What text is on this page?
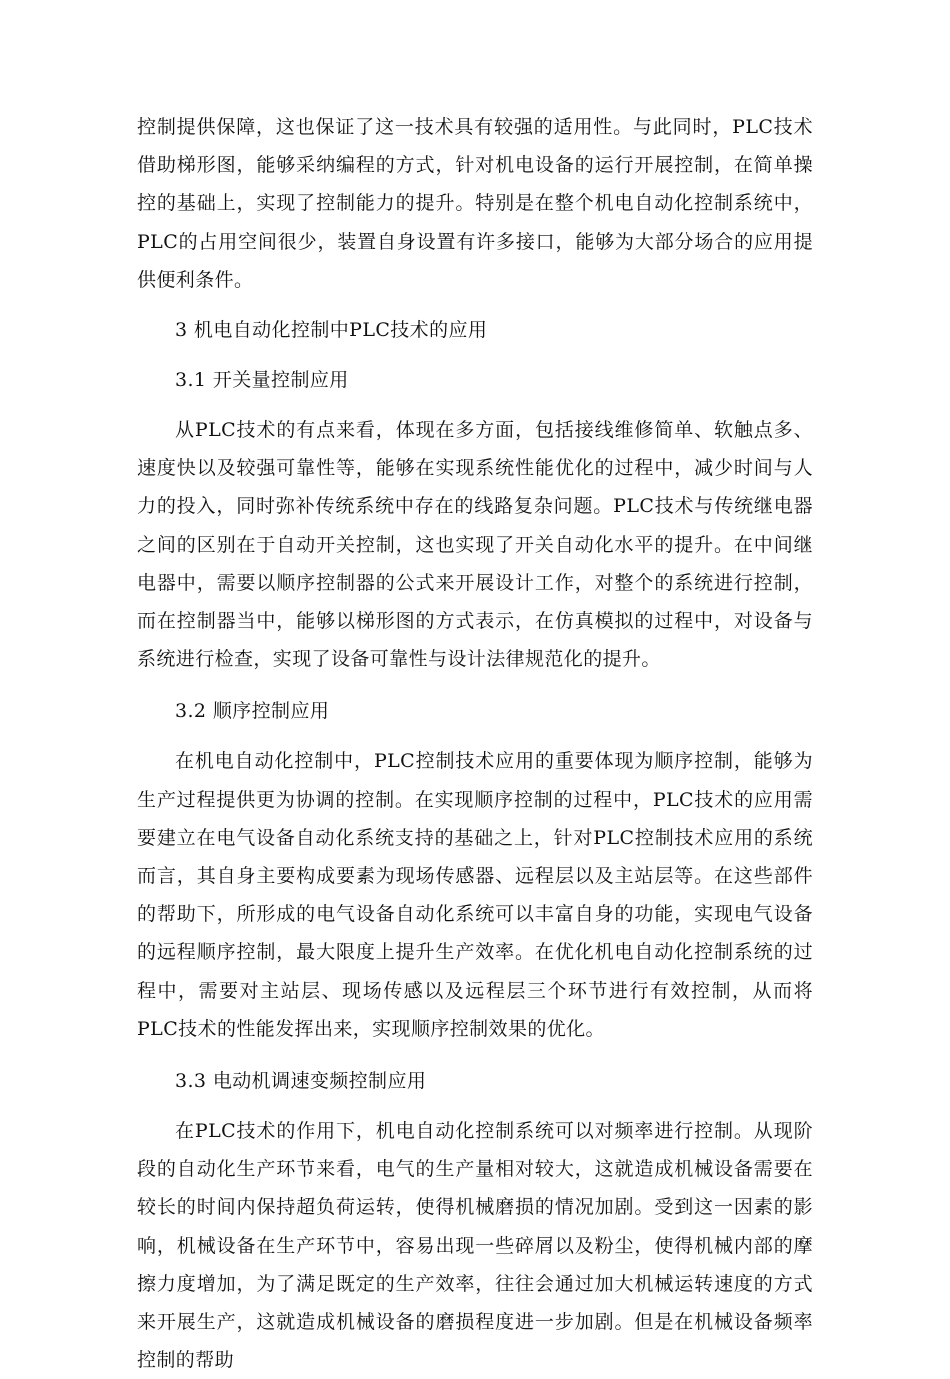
控制提供保障，这也保证了这一技术具有较强的适用性。与此同时，PLC技术借助梯形图，能够采纳编程的方式，针对机电设备的运行开展控制，在简单操控的基础上，实现了控制能力的提升。特别是在整个机电自动化控制系统中，PLC的占用空间很少，装置自身设置有许多接口，能够为大部分场合的应用提供便利条件。

3 机电自动化控制中PLC技术的应用

3.1 开关量控制应用

从PLC技术的有点来看，体现在多方面，包括接线维修简单、软触点多、速度快以及较强可靠性等，能够在实现系统性能优化的过程中，减少时间与人力的投入，同时弥补传统系统中存在的线路复杂问题。PLC技术与传统继电器之间的区别在于自动开关控制，这也实现了开关自动化水平的提升。在中间继电器中，需要以顺序控制器的公式来开展设计工作，对整个的系统进行控制，而在控制器当中，能够以梯形图的方式表示，在仿真模拟的过程中，对设备与系统进行检查，实现了设备可靠性与设计法律规范化的提升。

3.2 顺序控制应用

在机电自动化控制中，PLC控制技术应用的重要体现为顺序控制，能够为生产过程提供更为协调的控制。在实现顺序控制的过程中，PLC技术的应用需要建立在电气设备自动化系统支持的基础之上，针对PLC控制技术应用的系统而言，其自身主要构成要素为现场传感器、远程层以及主站层等。在这些部件的帮助下，所形成的电气设备自动化系统可以丰富自身的功能，实现电气设备的远程顺序控制，最大限度上提升生产效率。在优化机电自动化控制系统的过程中，需要对主站层、现场传感以及远程层三个环节进行有效控制，从而将PLC技术的性能发挥出来，实现顺序控制效果的优化。

3.3 电动机调速变频控制应用

在PLC技术的作用下，机电自动化控制系统可以对频率进行控制。从现阶段的自动化生产环节来看，电气的生产量相对较大，这就造成机械设备需要在较长的时间内保持超负荷运转，使得机械磨损的情况加剧。受到这一因素的影响，机械设备在生产环节中，容易出现一些碎屑以及粉尘，使得机械内部的摩擦力度增加，为了满足既定的生产效率，往往会通过加大机械运转速度的方式来开展生产，这就造成机械设备的磨损程度进一步加剧。但是在机械设备频率控制的帮助
